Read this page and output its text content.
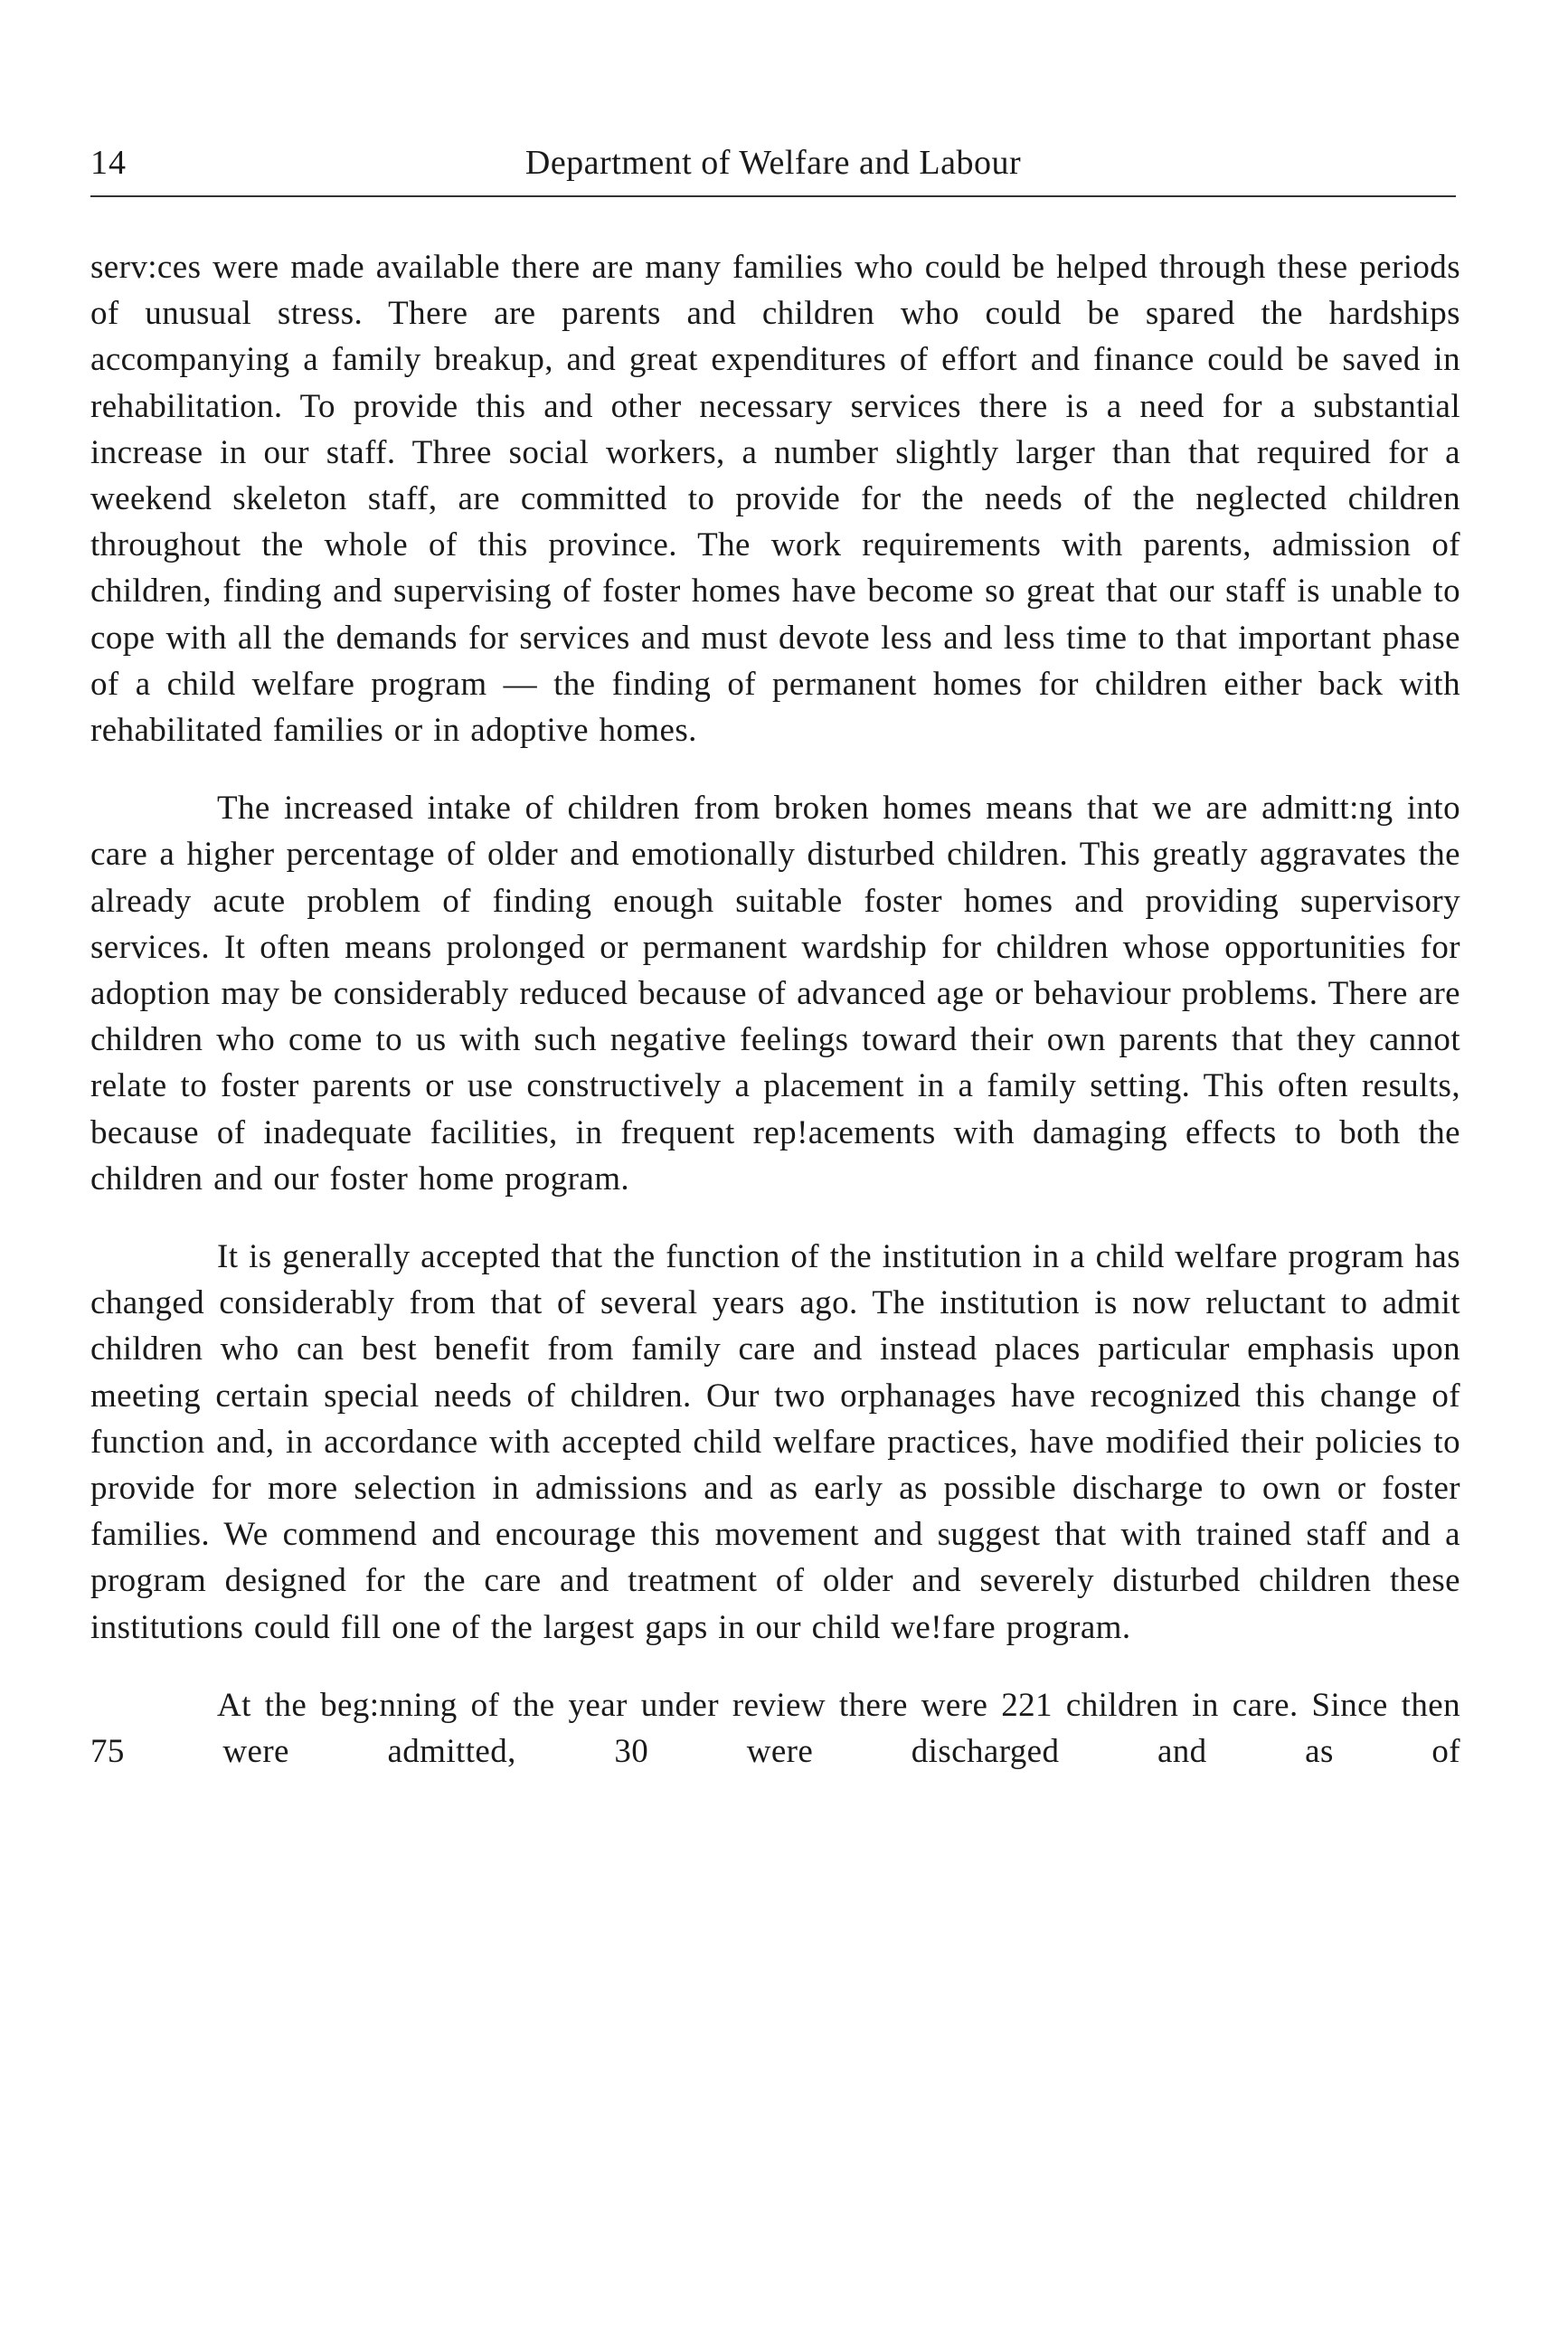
14	Department of Welfare and Labour

serv:ces were made available there are many families who could be helped through these periods of unusual stress. There are parents and children who could be spared the hardships accompanying a family breakup, and great expenditures of effort and finance could be saved in rehabilitation. To provide this and other necessary services there is a need for a substantial increase in our staff. Three social workers, a number slightly larger than that required for a weekend skeleton staff, are committed to provide for the needs of the neglected children throughout the whole of this province. The work requirements with parents, admission of children, finding and supervising of foster homes have become so great that our staff is unable to cope with all the demands for services and must devote less and less time to that important phase of a child welfare program — the finding of permanent homes for children either back with rehabilitated families or in adoptive homes.

The increased intake of children from broken homes means that we are admitt:ng into care a higher percentage of older and emotionally disturbed children. This greatly aggravates the already acute problem of finding enough suitable foster homes and providing supervisory services. It often means prolonged or permanent wardship for children whose opportunities for adoption may be considerably reduced because of advanced age or behaviour problems. There are children who come to us with such negative feelings toward their own parents that they cannot relate to foster parents or use constructively a placement in a family setting. This often results, because of inadequate facilities, in frequent rep!acements with damaging effects to both the children and our foster home program.

It is generally accepted that the function of the institution in a child welfare program has changed considerably from that of several years ago. The institution is now reluctant to admit children who can best benefit from family care and instead places particular emphasis upon meeting certain special needs of children. Our two orphanages have recognized this change of function and, in accordance with accepted child welfare practices, have modified their policies to provide for more selection in admissions and as early as possible discharge to own or foster families. We commend and encourage this movement and suggest that with trained staff and a program designed for the care and treatment of older and severely disturbed children these institutions could fill one of the largest gaps in our child we!fare program.

At the beg:nning of the year under review there were 221 children in care. Since then 75 were admitted, 30 were discharged and as of
